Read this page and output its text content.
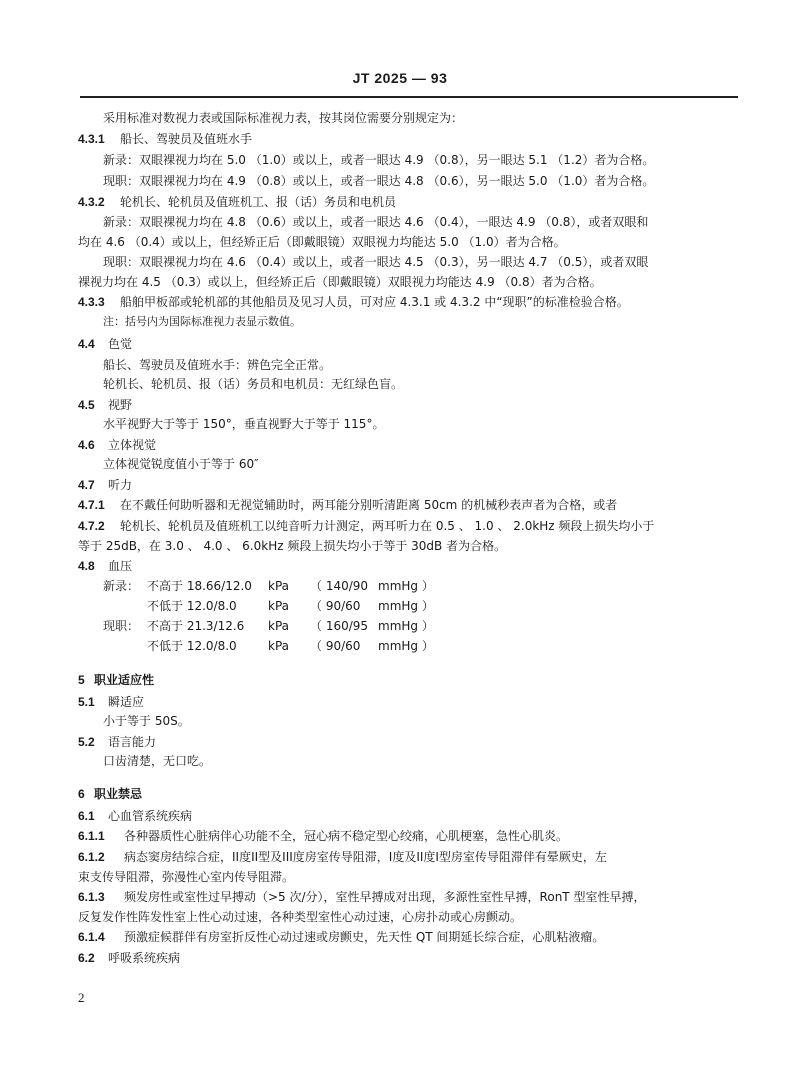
JT 2025 — 93
采用标准对数视力表或国际标准视力表，按其岗位需要分别规定为：
4.3.1 船长、驾驶员及值班水手
新录：双眼裸视力均在 5.0 （1.0）或以上，或者一眼达 4.9 （0.8），另一眼达 5.1 （1.2）者为合格。
现职：双眼裸视力均在 4.9 （0.8）或以上，或者一眼达 4.8 （0.6），另一眼达 5.0 （1.0）者为合格。
4.3.2 轮机长、轮机员及值班机工、报（话）务员和电机员
新录：双眼裸视力均在 4.8 （0.6）或以上，或者一眼达 4.6 （0.4），一眼达 4.9 （0.8），或者双眼和
均在 4.6 （0.4）或以上，但经矫正后（即戴眼镜）双眼视力均能达 5.0 （1.0）者为合格。
现职：双眼裸视力均在 4.6 （0.4）或以上，或者一眼达 4.5 （0.3），另一眼达 4.7 （0.5），或者双眼
裸视力均在 4.5 （0.3）或以上，但经矫正后（即戴眼镜）双眼视力均能达 4.9 （0.8）者为合格。
4.3.3 船舶甲板部或轮机部的其他船员及见习人员，可对应 4.3.1 或 4.3.2 中“现职”的标准检验合格。
注：括号内为国际标准视力表显示数值。
4.4 色觉
船长、驾驶员及值班水手：辨色完全正常。
轮机长、轮机员、报（话）务员和电机员：无红绿色盲。
4.5 视野
水平视野大于等于 150°，垂直视野大于等于 115°。
4.6 立体视觉
立体视觉锐度值小于等于 60″
4.7 听力
4.7.1 在不戴任何助听器和无视觉辅助时，两耳能分别听清距离 50cm 的机械秒表声者为合格，或者
4.7.2 轮机长、轮机员及值班机工以纯音听力计测定，两耳听力在 0.5 、 1.0 、 2.0kHz 频段上损失均小于
等于 25dB，在 3.0 、 4.0 、 6.0kHz 频段上损失均小于等于 30dB 者为合格。
4.8 血压
新录： 不高于 18.66/12.0 kPa （ 140/90 mmHg ）
不低于 12.0/8.0	kPa （ 90/60 mmHg ）
现职： 不高于 21.3/12.6 kPa （ 160/95 mmHg ）
不低于 12.0/8.0	kPa （ 90/60 mmHg ）
5 职业适应性
5.1 瞬适应
小于等于 50S。
5.2 语言能力
口齿清楚，无口吃。
6 职业禁忌
6.1 心血管系统疾病
6.1.1 各种器质性心脏病伴心功能不全，冠心病不稳定型心绞痛，心肌梗塞，急性心肌炎。
6.1.2 病态窦房结综合症，II度II型及III度房室传导阻滞，I度及II度I型房室传导阻滞伴有晕厥史，左
束支传导阻滞，弥漫性心室内传导阻滞。
6.1.3 频发房性或室性过早搏动（>5 次/分），室性早搏成对出现，多源性室性早搏，RonT 型室性早搏，
反复发作性阵发性室上性心动过速，各种类型室性心动过速，心房扑动或心房颤动。
6.1.4 预激症候群伴有房室折反性心动过速或房颤史，先天性 QT 间期延长综合症，心肌粘液瘤。
6.2 呼吸系统疾病
2
